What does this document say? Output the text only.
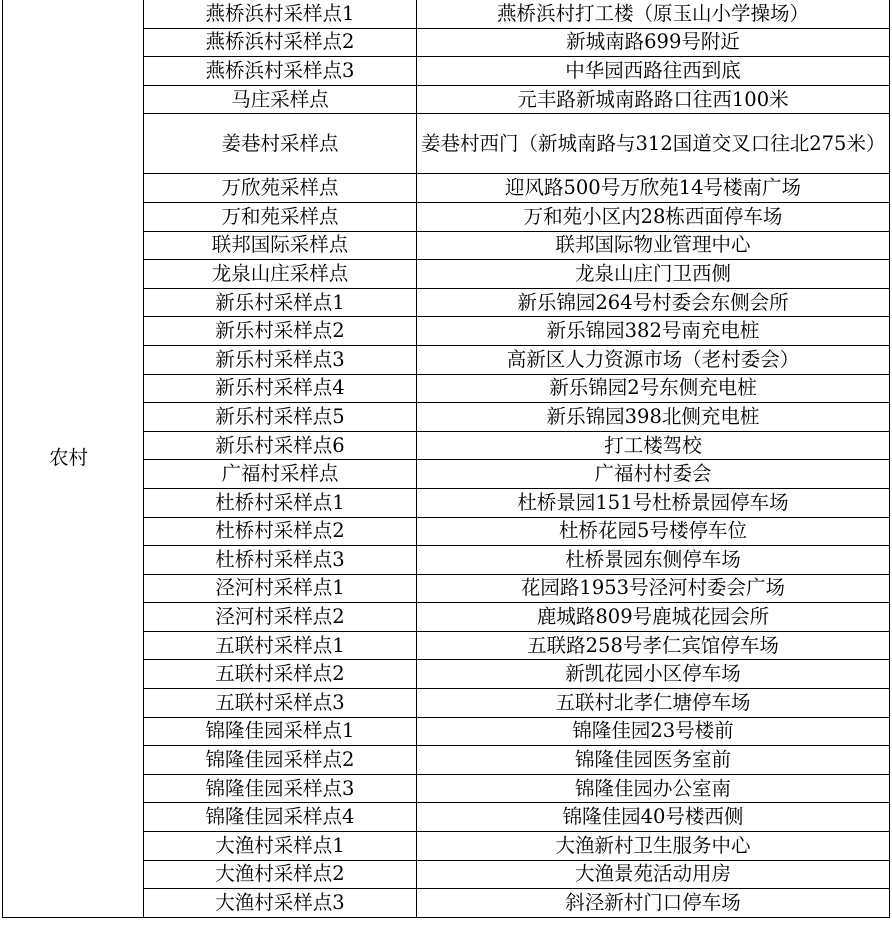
农村	燕桥浜村采样点1	燕桥浜村打工楼（原玉山小学操场）
	燕桥浜村采样点2	新城南路699号附近
	燕桥浜村采样点3	中华园西路往西到底
	马庄采样点	元丰路新城南路路口往西100米
	姜巷村采样点	姜巷村西门（新城南路与312国道交叉口往北275米）
	万欣苑采样点	迎风路500号万欣苑14号楼南广场
	万和苑采样点	万和苑小区内28栋西面停车场
	联邦国际采样点	联邦国际物业管理中心
	龙泉山庄采样点	龙泉山庄门卫西侧
	新乐村采样点1	新乐锦园264号村委会东侧会所
	新乐村采样点2	新乐锦园382号南充电桩
	新乐村采样点3	高新区人力资源市场（老村委会）
	新乐村采样点4	新乐锦园2号东侧充电桩
	新乐村采样点5	新乐锦园398北侧充电桩
	新乐村采样点6	打工楼驾校
	广福村采样点	广福村村委会
	杜桥村采样点1	杜桥景园151号杜桥景园停车场
	杜桥村采样点2	杜桥花园5号楼停车位
	杜桥村采样点3	杜桥景园东侧停车场
	泾河村采样点1	花园路1953号泾河村委会广场
	泾河村采样点2	鹿城路809号鹿城花园会所
	五联村采样点1	五联路258号孝仁宾馆停车场
	五联村采样点2	新凯花园小区停车场
	五联村采样点3	五联村北孝仁塘停车场
	锦隆佳园采样点1	锦隆佳园23号楼前
	锦隆佳园采样点2	锦隆佳园医务室前
	锦隆佳园采样点3	锦隆佳园办公室南
	锦隆佳园采样点4	锦隆佳园40号楼西侧
	大渔村采样点1	大渔新村卫生服务中心
	大渔村采样点2	大渔景苑活动用房
	大渔村采样点3	斜泾新村门口停车场
